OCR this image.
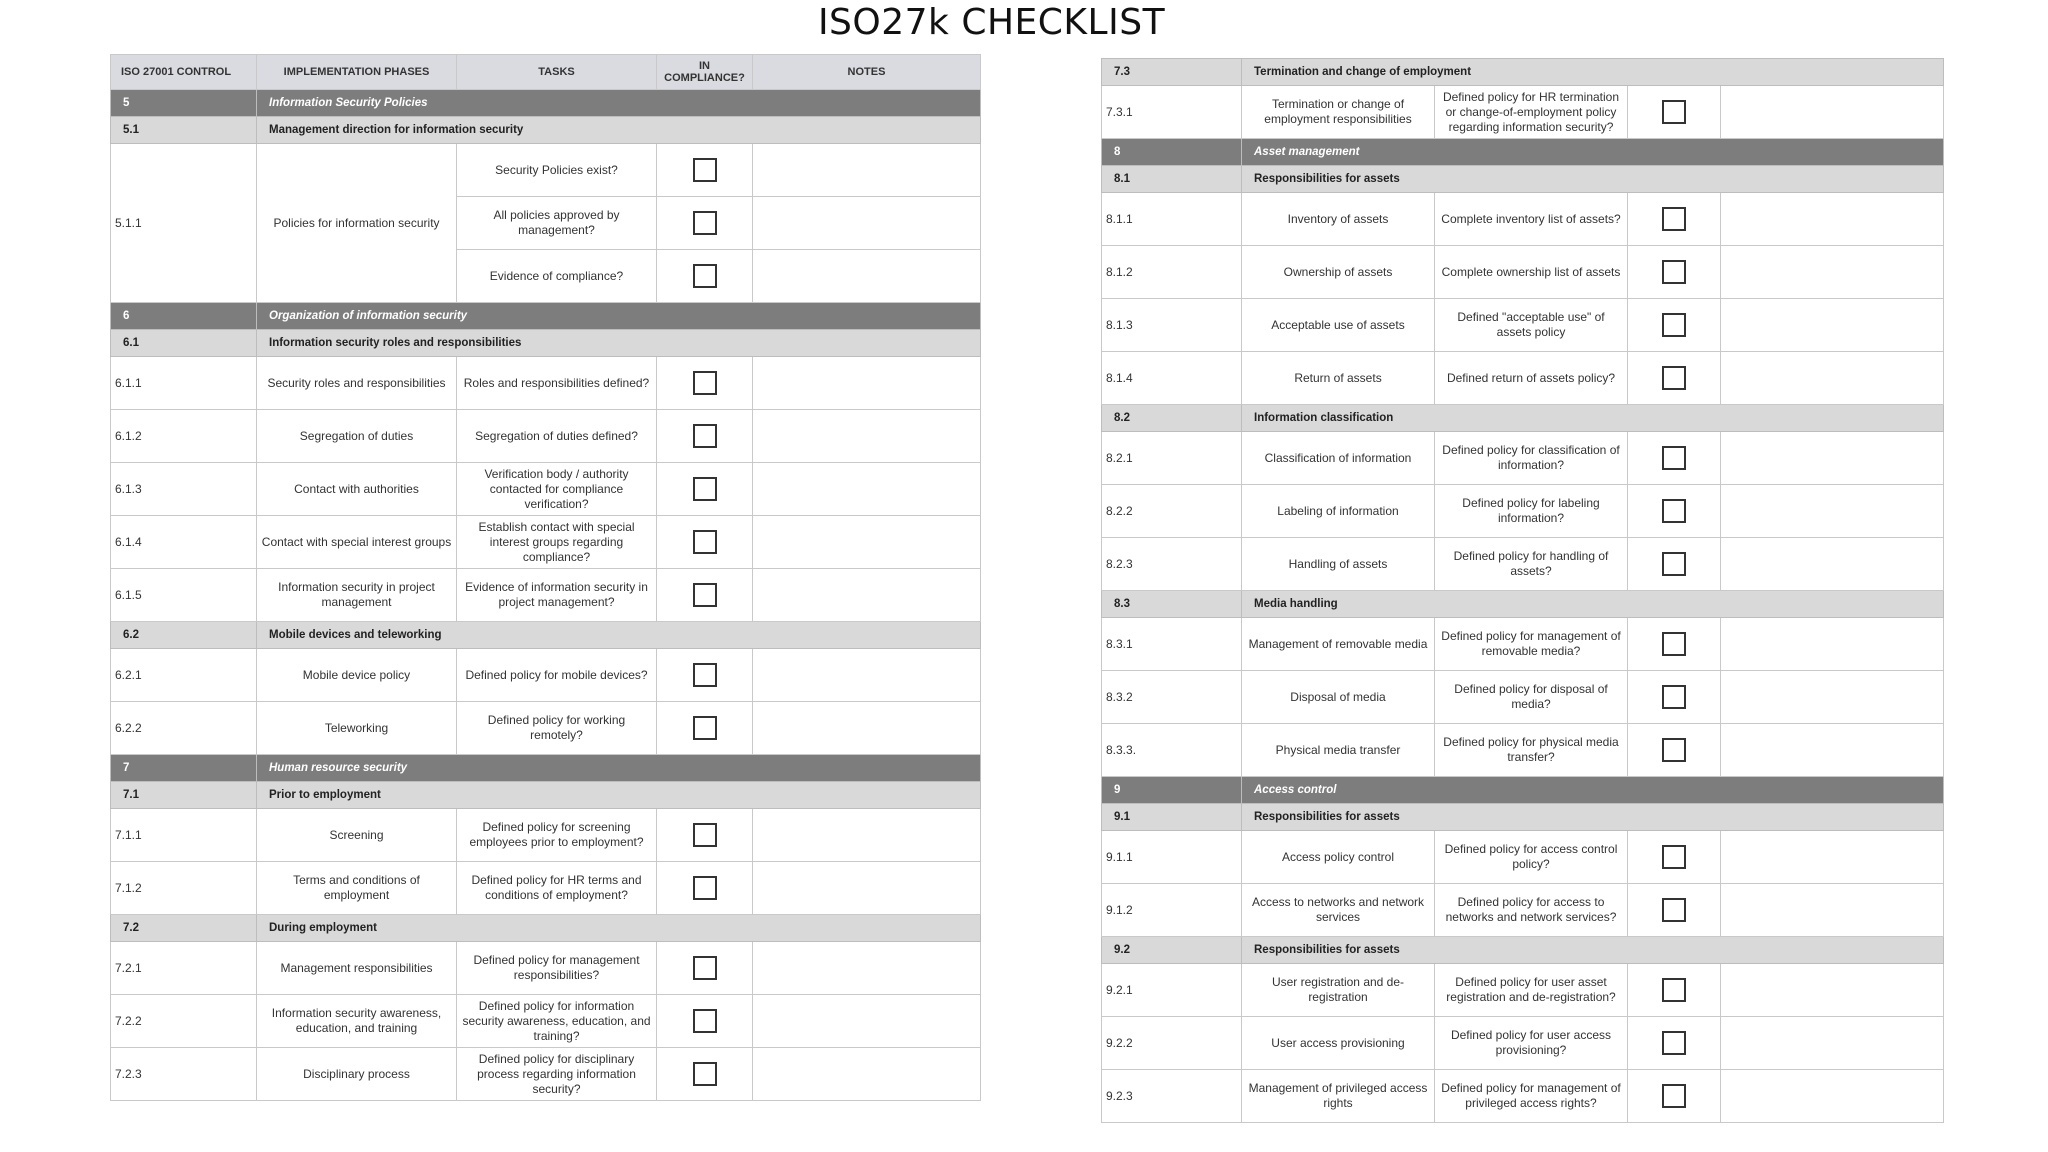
ISO27k CHECKLIST
ISO 27001 CONTROL	IMPLEMENTATION PHASES	TASKS	IN COMPLIANCE?	NOTES
5	Information Security Policies			
5.1	Management direction for information security			
5.1.1	Policies for information security	Security Policies exist?		
		All policies approved by management?		
		Evidence of compliance?		
6	Organization of information security			
6.1	Information security roles and responsibilities			
6.1.1	Security roles and responsibilities	Roles and responsibilities defined?		
6.1.2	Segregation of duties	Segregation of duties defined?		
6.1.3	Contact with authorities	Verification body / authority contacted for compliance verification?		
6.1.4	Contact with special interest groups	Establish contact with special interest groups regarding compliance?		
6.1.5	Information security in project management	Evidence of information security in project management?		
6.2	Mobile devices and teleworking			
6.2.1	Mobile device policy	Defined policy for mobile devices?		
6.2.2	Teleworking	Defined policy for working remotely?		
7	Human resource security			
7.1	Prior to employment			
7.1.1	Screening	Defined policy for screening employees prior to employment?		
7.1.2	Terms and conditions of employment	Defined policy for HR terms and conditions of employment?		
7.2	During employment			
7.2.1	Management responsibilities	Defined policy for management responsibilities?		
7.2.2	Information security awareness, education, and training	Defined policy for information security awareness, education, and training?		
7.2.3	Disciplinary process	Defined policy for disciplinary process regarding information security?		
7.3	Termination and change of employment			
7.3.1	Termination or change of employment responsibilities	Defined policy for HR termination or change-of-employment policy regarding information security?		
8	Asset management			
8.1	Responsibilities for assets			
8.1.1	Inventory of assets	Complete inventory list of assets?		
8.1.2	Ownership of assets	Complete ownership list of assets		
8.1.3	Acceptable use of assets	Defined "acceptable use" of assets policy		
8.1.4	Return of assets	Defined return of assets policy?		
8.2	Information classification			
8.2.1	Classification of information	Defined policy for classification of information?		
8.2.2	Labeling of information	Defined policy for labeling information?		
8.2.3	Handling of assets	Defined policy for handling of assets?		
8.3	Media handling			
8.3.1	Management of removable media	Defined policy for management of removable media?		
8.3.2	Disposal of media	Defined policy for disposal of media?		
8.3.3.	Physical media transfer	Defined policy for physical media transfer?		
9	Access control			
9.1	Responsibilities for assets			
9.1.1	Access policy control	Defined policy for access control policy?		
9.1.2	Access to networks and network services	Defined policy for access to networks and network services?		
9.2	Responsibilities for assets			
9.2.1	User registration and de-registration	Defined policy for user asset registration and de-registration?		
9.2.2	User access provisioning	Defined policy for user access provisioning?		
9.2.3	Management of privileged access rights	Defined policy for management of privileged access rights?		
